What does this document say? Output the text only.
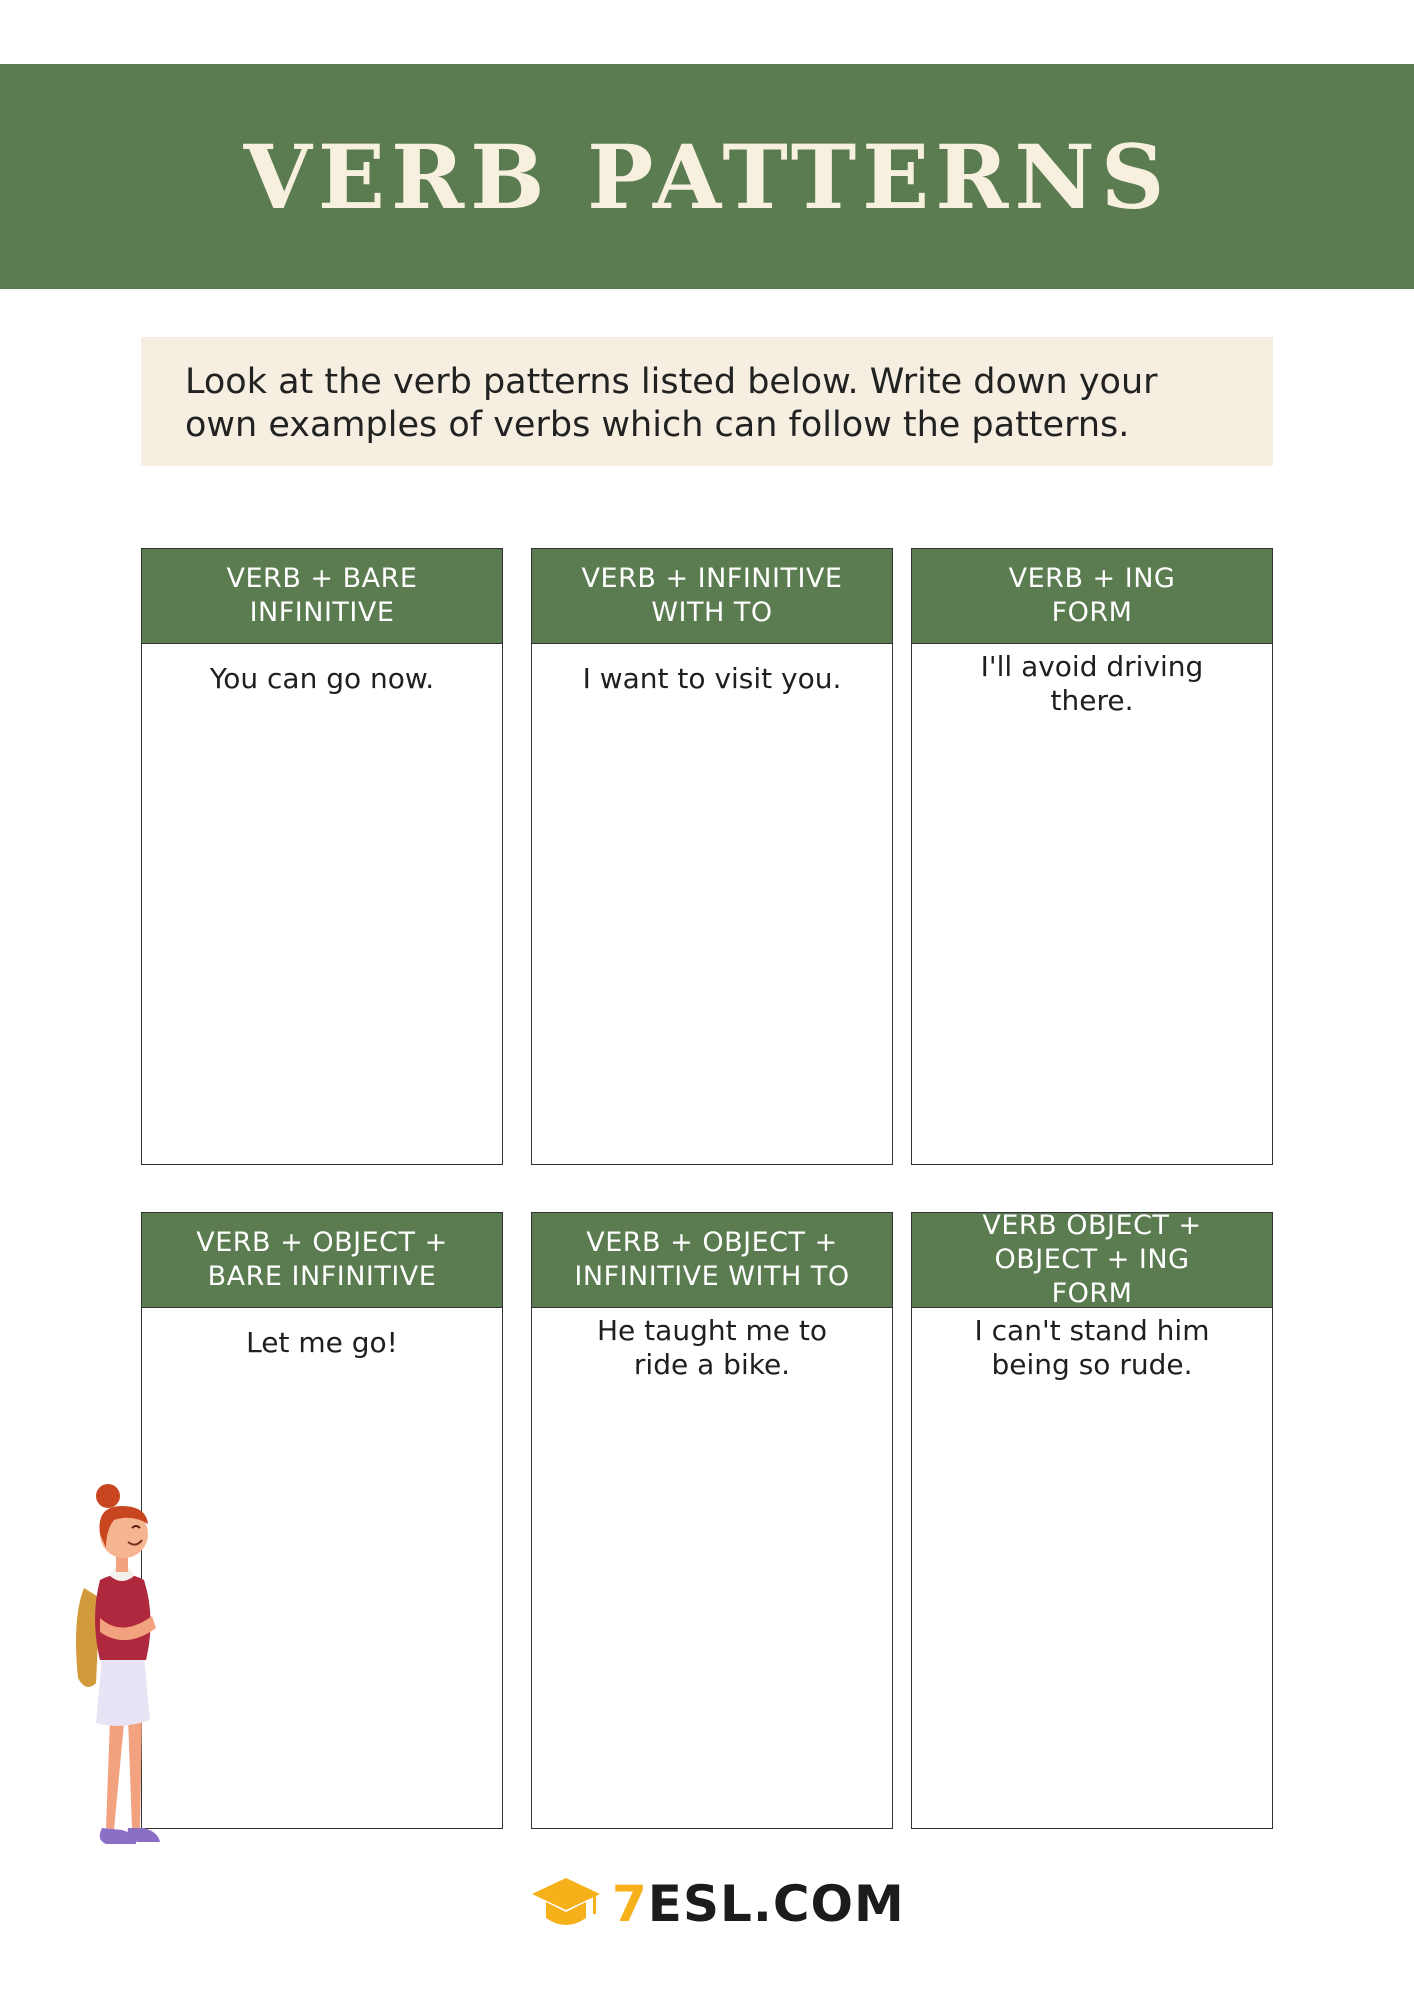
VERB PATTERNS
Look at the verb patterns listed below. Write down your own examples of verbs which can follow the patterns.
VERB + BARE INFINITIVE
You can go now.
VERB + INFINITIVE WITH TO
I want to visit you.
VERB + ING FORM
I'll avoid driving there.
VERB + OBJECT + BARE INFINITIVE
Let me go!
VERB + OBJECT + INFINITIVE WITH TO
He taught me to ride a bike.
VERB OBJECT + OBJECT + ING FORM
I can't stand him being so rude.
7ESL.COM
